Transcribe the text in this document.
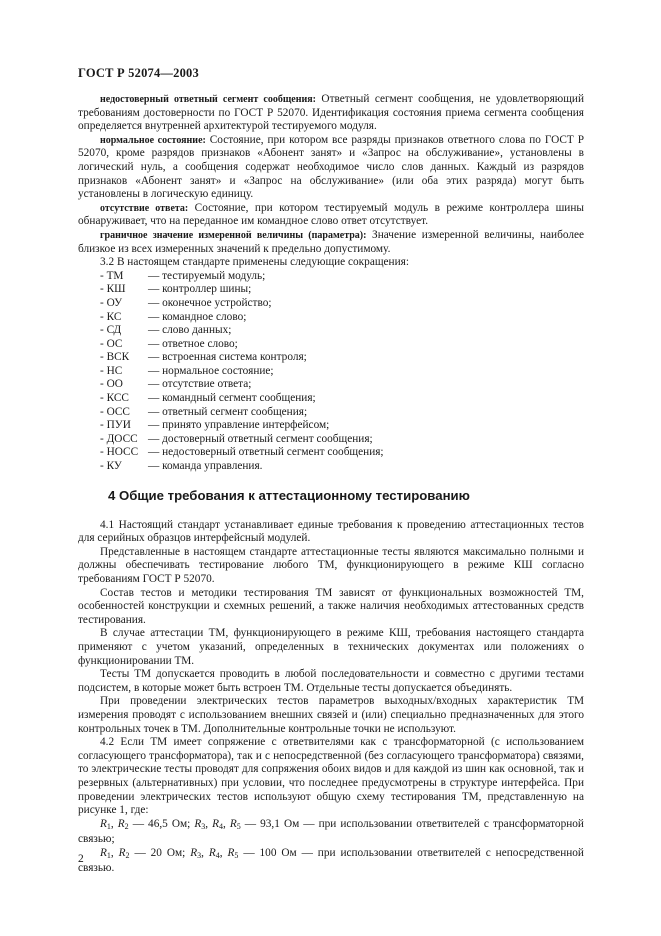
ГОСТ Р 52074—2003

недостоверный ответный сегмент сообщения: Ответный сегмент сообщения, не удовлетворяющий требованиям достоверности по ГОСТ Р 52070. Идентификация состояния приема сегмента сообщения определяется внутренней архитектурой тестируемого модуля.

нормальное состояние: Состояние, при котором все разряды признаков ответного слова по ГОСТ Р 52070, кроме разрядов признаков «Абонент занят» и «Запрос на обслуживание», установлены в логический нуль, а сообщения содержат необходимое число слов данных. Каждый из разрядов признаков «Абонент занят» и «Запрос на обслуживание» (или оба этих разряда) могут быть установлены в логическую единицу.

отсутствие ответа: Состояние, при котором тестируемый модуль в режиме контроллера шины обнаруживает, что на переданное им командное слово ответ отсутствует.

граничное значение измеренной величины (параметра): Значение измеренной величины, наиболее близкое из всех измеренных значений к предельно допустимому.

3.2 В настоящем стандарте применены следующие сокращения:

- ТМ	— тестируемый модуль;
- КШ	— контроллер шины;
- ОУ	— оконечное устройство;
- КС	— командное слово;
- СД	— слово данных;
- ОС	— ответное слово;
- ВСК	— встроенная система контроля;
- НС	— нормальное состояние;
- ОО	— отсутствие ответа;
- КСС	— командный сегмент сообщения;
- ОСС	— ответный сегмент сообщения;
- ПУИ	— принято управление интерфейсом;
- ДОСС — достоверный ответный сегмент сообщения;
- НОСС — недостоверный ответный сегмент сообщения;
- КУ	— команда управления.
4 Общие требования к аттестационному тестированию

4.1 Настоящий стандарт устанавливает единые требования к проведению аттестационных тестов для серийных образцов интерфейсный модулей.

Представленные в настоящем стандарте аттестационные тесты являются максимально полными и должны обеспечивать тестирование любого ТМ, функционирующего в режиме КШ согласно требованиям ГОСТ Р 52070.

Состав тестов и методики тестирования ТМ зависят от функциональных возможностей ТМ, особенностей конструкции и схемных решений, а также наличия необходимых аттестованных средств тестирования.

В случае аттестации ТМ, функционирующего в режиме КШ, требования настоящего стандарта применяют с учетом указаний, определенных в технических документах или положениях о функционировании ТМ.

Тесты ТМ допускается проводить в любой последовательности и совместно с другими тестами подсистем, в которые может быть встроен ТМ. Отдельные тесты допускается объединять.

При проведении электрических тестов параметров выходных/входных характеристик ТМ измерения проводят с использованием внешних связей и (или) специально предназначенных для этого контрольных точек в ТМ. Дополнительные контрольные точки не используют.

4.2 Если ТМ имеет сопряжение с ответвителями как с трансформаторной (с использованием согласующего трансформатора), так и с непосредственной (без согласующего трансформатора) связями, то электрические тесты проводят для сопряжения обоих видов и для каждой из шин как основной, так и резервных (альтернативных) при условии, что последнее предусмотрены в структуре интерфейса. При проведении электрических тестов используют общую схему тестирования ТМ, представленную на рисунке 1, где:

$R_1$, $R_2$ — 46,5 Ом; $R_3$, $R_4$, $R_5$ — 93,1 Ом — при использовании ответвителей с трансформаторной связью;

$R_1$, $R_2$ — 20 Ом; $R_3$, $R_4$, $R_5$ — 100 Ом — при использовании ответвителей с непосредственной связью.

2
